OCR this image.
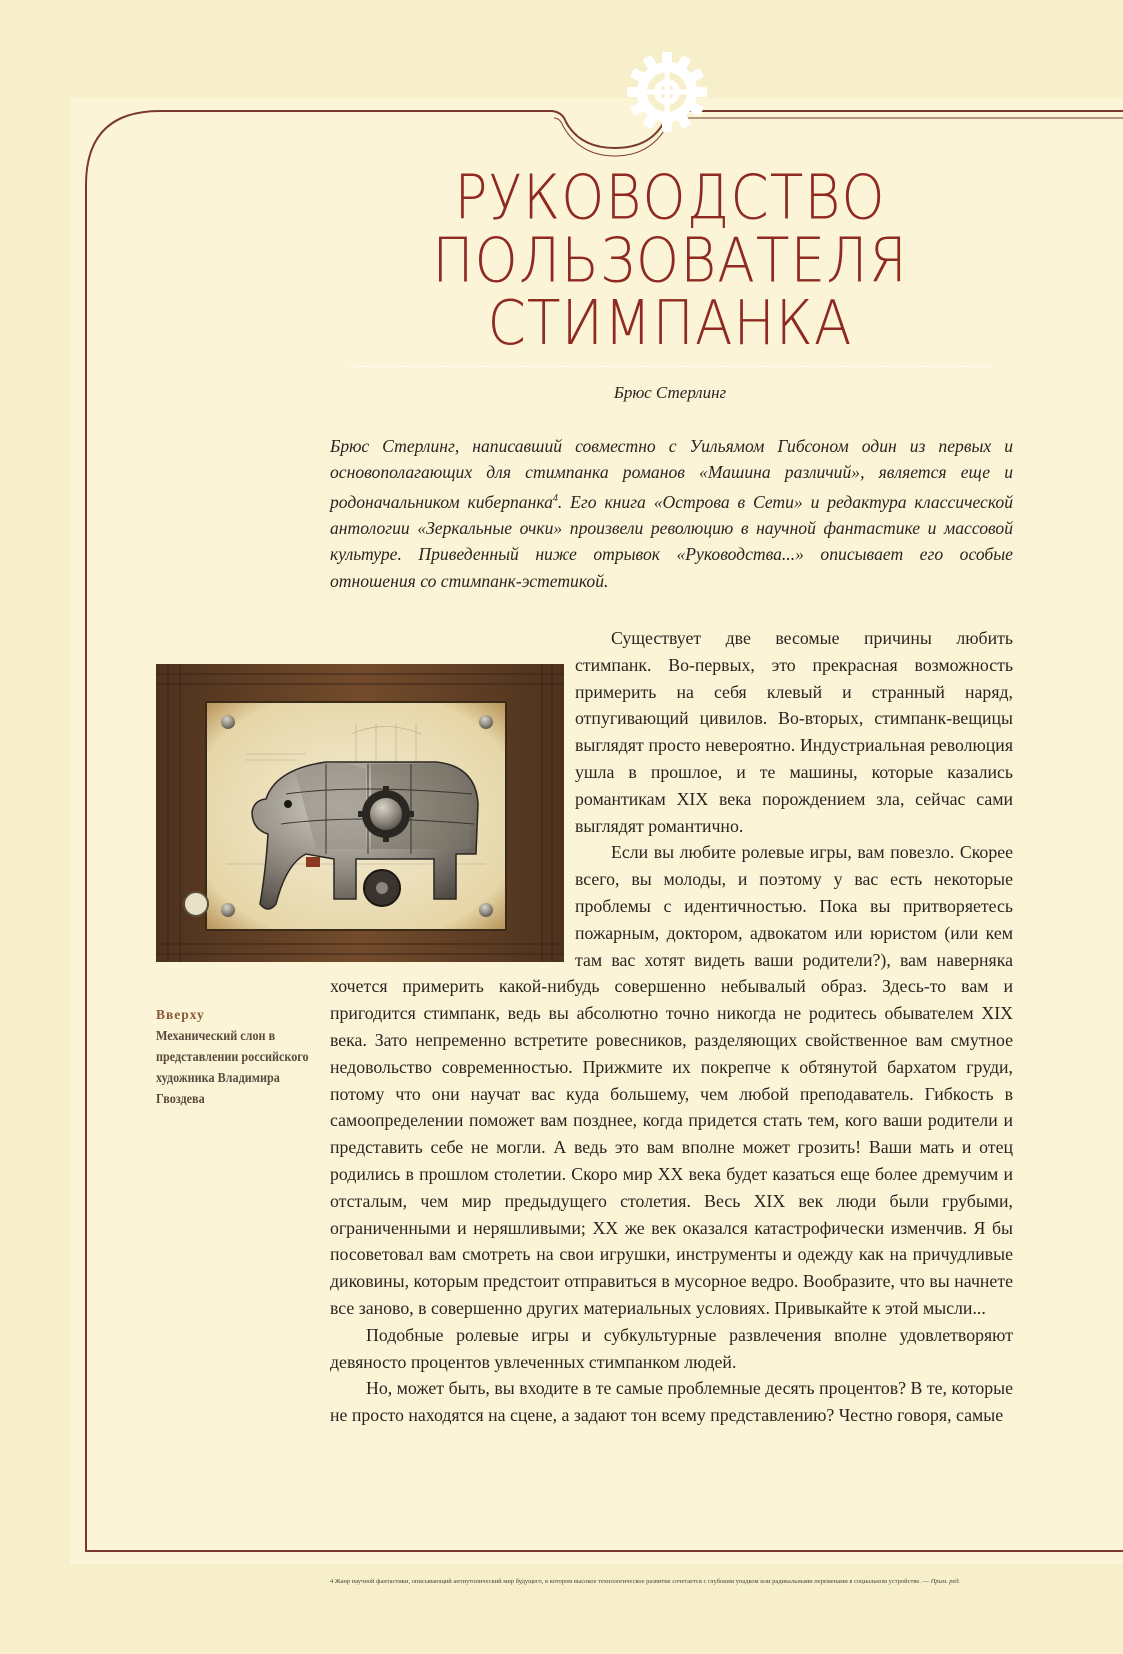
РУКОВОДСТВО
ПОЛЬЗОВАТЕЛЯ
СТИМПАНКА
Брюс Стерлинг
Брюс Стерлинг, написавший совместно с Уильямом Гибсоном один из первых и основополагающих для стимпанка романов «Машина различий», является еще и родоначальником киберпанка$^4$. Его книга «Острова в Сети» и редактура классической антологии «Зеркальные очки» произвели революцию в научной фантастике и массовой культуре. Приведенный ниже отрывок «Руководства...» описывает его особые отношения со стимпанк-эстетикой.
Вверху
Механический слон в представлении российского художника Владимира Гвоздева

Существует две весомые причины любить стимпанк. Во-первых, это прекрасная возможность примерить на себя клевый и странный наряд, отпугивающий цивилов. Во-вторых, стимпанк-вещицы выглядят просто невероятно. Индустриальная революция ушла в прошлое, и те машины, которые казались романтикам XIX века порождением зла, сейчас сами выглядят романтично.

Если вы любите ролевые игры, вам повезло. Скорее всего, вы молоды, и поэтому у вас есть некоторые проблемы с идентичностью. Пока вы притворяетесь пожарным, доктором, адвокатом или юристом (или кем там вас хотят видеть ваши родители?), вам наверняка хочется примерить какой-нибудь совершенно небывалый образ. Здесь-то вам и пригодится стимпанк, ведь вы абсолютно точно никогда не родитесь обывателем XIX века. Зато непременно встретите ровесников, разделяющих свойственное вам смутное недовольство современностью. Прижмите их покрепче к обтянутой бархатом груди, потому что они научат вас куда большему, чем любой преподаватель. Гибкость в самоопределении поможет вам позднее, когда придется стать тем, кого ваши родители и представить себе не могли. А ведь это вам вполне может грозить! Ваши мать и отец родились в прошлом столетии. Скоро мир XX века будет казаться еще более дремучим и отсталым, чем мир предыдущего столетия. Весь XIX век люди были грубыми, ограниченными и неряшливыми; XX же век оказался катастрофически изменчив. Я бы посоветовал вам смотреть на свои игрушки, инструменты и одежду как на причудливые диковины, которым предстоит отправиться в мусорное ведро. Вообразите, что вы начнете все заново, в совершенно других материальных условиях. Привыкайте к этой мысли...

Подобные ролевые игры и субкультурные развлечения вполне удовлетворяют девяносто процентов увлеченных стимпанком людей.

Но, может быть, вы входите в те самые проблемные десять процентов? В те, которые не просто находятся на сцене, а задают тон всему представлению? Честно говоря, самые

4 Жанр научной фантастики, описывающий антиутопический мир будущего, в котором высокое технологическое развитие сочетается с глубоким упадком или радикальными переменами в социальном устройстве. — Прим. ред.
